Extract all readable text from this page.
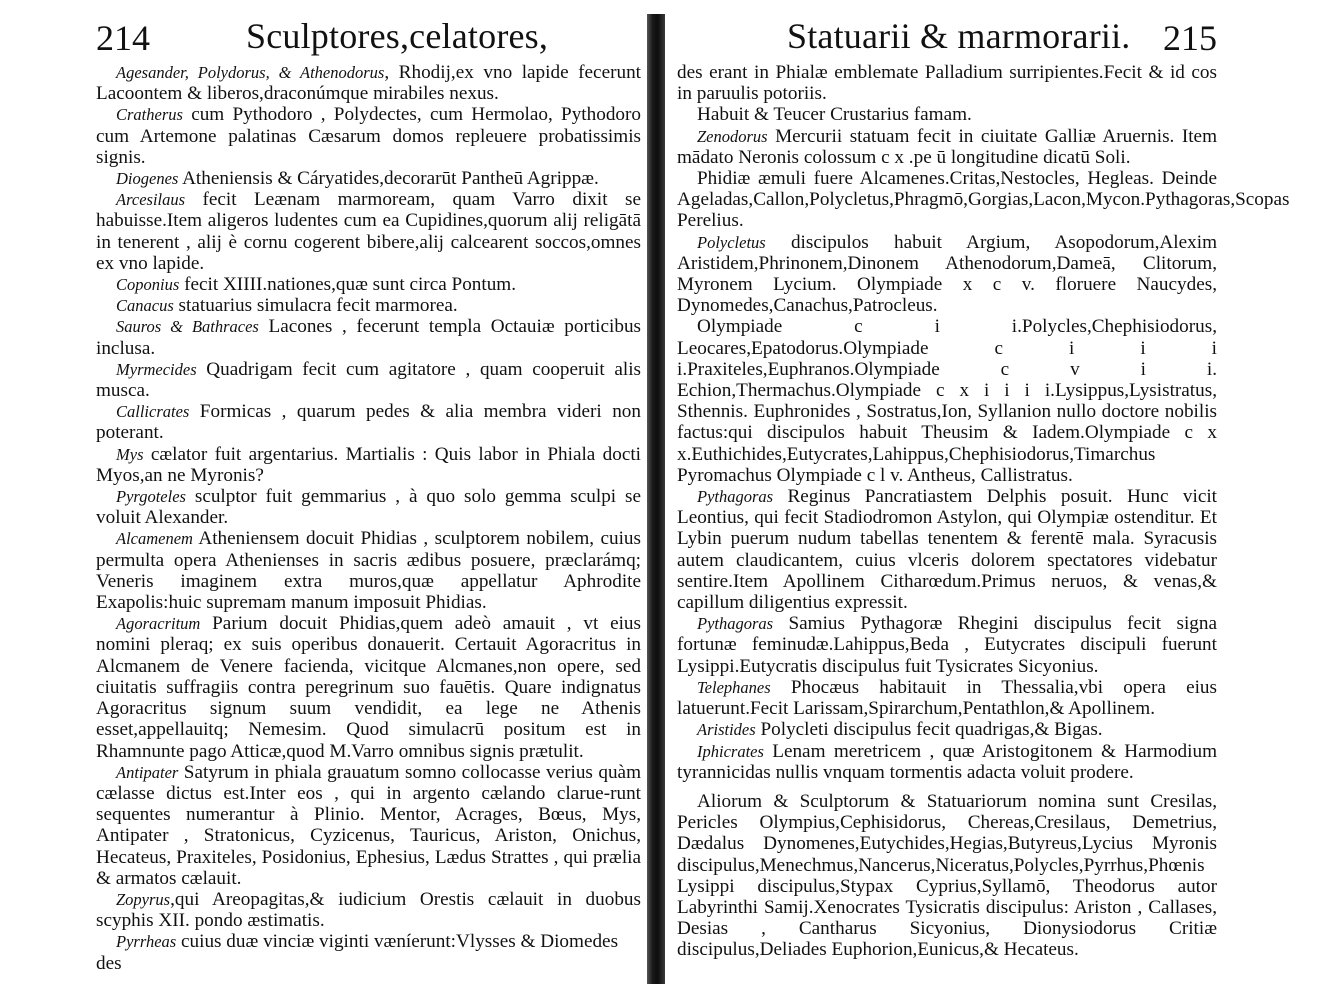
214	Sculptores,celatores,

Agesander, Polydorus, & Athenodorus, Rhodij,ex vno lapide fecerunt Lacoontem & liberos,draconúmque mirabiles nexus.

Cratherus cum Pythodoro , Polydectes, cum Hermolao, Pythodoro cum Artemone palatinas Cæsarum domos repleuere probatissimis signis.

Diogenes Atheniensis & Cáryatides,decorarūt Pantheū Agrippæ.

Arcesilaus fecit Leænam marmoream, quam Varro dixit se habuisse.Item aligeros ludentes cum ea Cupidines,quorum alij religātā in tenerent , alij è cornu cogerent bibere,alij calcearent soccos,omnes ex vno lapide.

Coponius fecit XIIII.nationes,quæ sunt circa Pontum.

Canacus statuarius simulacra fecit marmorea.

Sauros & Bathraces Lacones , fecerunt templa Octauiæ porticibus inclusa.

Myrmecides Quadrigam fecit cum agitatore , quam cooperuit alis musca.

Callicrates Formicas , quarum pedes & alia membra videri non poterant.

Mys cælator fuit argentarius. Martialis : Quis labor in Phiala docti Myos,an ne Myronis?

Pyrgoteles sculptor fuit gemmarius , à quo solo gemma sculpi se voluit Alexander.

Alcamenem Atheniensem docuit Phidias , sculptorem nobilem, cuius permulta opera Athenienses in sacris ædibus posuere, præclarámq; Veneris imaginem extra muros,quæ appellatur Aphrodite Exapolis:huic supremam manum imposuit Phidias.

Agoracritum Parium docuit Phidias,quem adeò amauit , vt eius nomini pleraq; ex suis operibus donauerit. Certauit Agoracritus in Alcmanem de Venere facienda, vicitque Alcmanes,non opere, sed ciuitatis suffragiis contra peregrinum suo fauētis. Quare indignatus Agoracritus signum suum vendidit, ea lege ne Athenis esset,appellauitq; Nemesim. Quod simulacrū positum est in Rhamnunte pago Atticæ,quod M.Varro omnibus signis prætulit.

Antipater Satyrum in phiala grauatum somno collocasse verius quàm cælasse dictus est.Inter eos , qui in argento cælando clarue-runt sequentes numerantur à Plinio. Mentor, Acrages, Bœus, Mys, Antipater , Stratonicus, Cyzicenus, Tauricus, Ariston, Onichus, Hecateus, Praxiteles, Posidonius, Ephesius, Lædus Strattes , qui prælia & armatos cælauit.

Zopyrus,qui Areopagitas,& iudicium Orestis cælauit in duobus scyphis XII. pondo æstimatis.

Pyrrheas cuius duæ vinciæ viginti væníerunt:Vlysses & Diomedes

des

Statuarii & marmorarii. 215

des erant in Phialæ emblemate Palladium surripientes.Fecit & id cos in paruulis potoriis.

Habuit & Teucer Crustarius famam.

Zenodorus Mercurii statuam fecit in ciuitate Galliæ Aruernis. Item mādato Neronis colossum c x .pe ū longitudine dicatū Soli.

Phidiæ æmuli fuere Alcamenes.Critas,Nestocles, Hegleas. Deinde Ageladas,Callon,Polycletus,Phragmō,Gorgias,Lacon,Mycon.Pythagoras,Scopas Perelius.

Polycletus discipulos habuit Argium, Asopodorum,Alexim Aristidem,Phrinonem,Dinonem Athenodorum,Dameā, Clitorum, Myronem Lycium. Olympiade x c v. floruere Naucydes, Dynomedes,Canachus,Patrocleus.

Olympiade c i i.Polycles,Chephisiodorus, Leocares,Epatodorus.Olympiade c i i i i.Praxiteles,Euphranos.Olympiade c v i i. Echion,Thermachus.Olympiade c x i i i i.Lysippus,Lysistratus, Sthennis. Euphronides , Sostratus,Ion, Syllanion nullo doctore nobilis factus:qui discipulos habuit Theusim & Iadem.Olympiade c x x.Euthichides,Eutycrates,Lahippus,Chephisiodorus,Timarchus Pyromachus Olympiade c l v. Antheus, Callistratus.

Pythagoras Reginus Pancratiastem Delphis posuit. Hunc vicit Leontius, qui fecit Stadiodromon Astylon, qui Olympiæ ostenditur. Et Lybin puerum nudum tabellas tenentem & ferentē mala. Syracusis autem claudicantem, cuius vlceris dolorem spectatores videbatur sentire.Item Apollinem Citharœdum.Primus neruos, & venas,& capillum diligentius expressit.

Pythagoras Samius Pythagoræ Rhegini discipulus fecit signa fortunæ feminudæ.Lahippus,Beda , Eutycrates discipuli fuerunt Lysippi.Eutycratis discipulus fuit Tysicrates Sicyonius.

Telephanes Phocæus habitauit in Thessalia,vbi opera eius latuerunt.Fecit Larissam,Spirarchum,Pentathlon,& Apollinem.

Aristides Polycleti discipulus fecit quadrigas,& Bigas.

Iphicrates Lenam meretricem , quæ Aristogitonem & Harmodium tyrannicidas nullis vnquam tormentis adacta voluit prodere.

Aliorum & Sculptorum & Statuariorum nomina sunt Cresilas, Pericles Olympius,Cephisidorus, Chereas,Cresilaus, Demetrius, Dædalus Dynomenes,Eutychides,Hegias,Butyreus,Lycius Myronis discipulus,Menechmus,Nancerus,Niceratus,Polycles,Pyrrhus,Phœnis Lysippi discipulus,Stypax Cyprius,Syllamō, Theodorus autor Labyrinthi Samij.Xenocrates Tysicratis discipulus: Ariston , Callases, Desias , Cantharus Sicyonius, Dionysiodorus Critiæ discipulus,Deliades Euphorion,Eunicus,& Hecateus.
